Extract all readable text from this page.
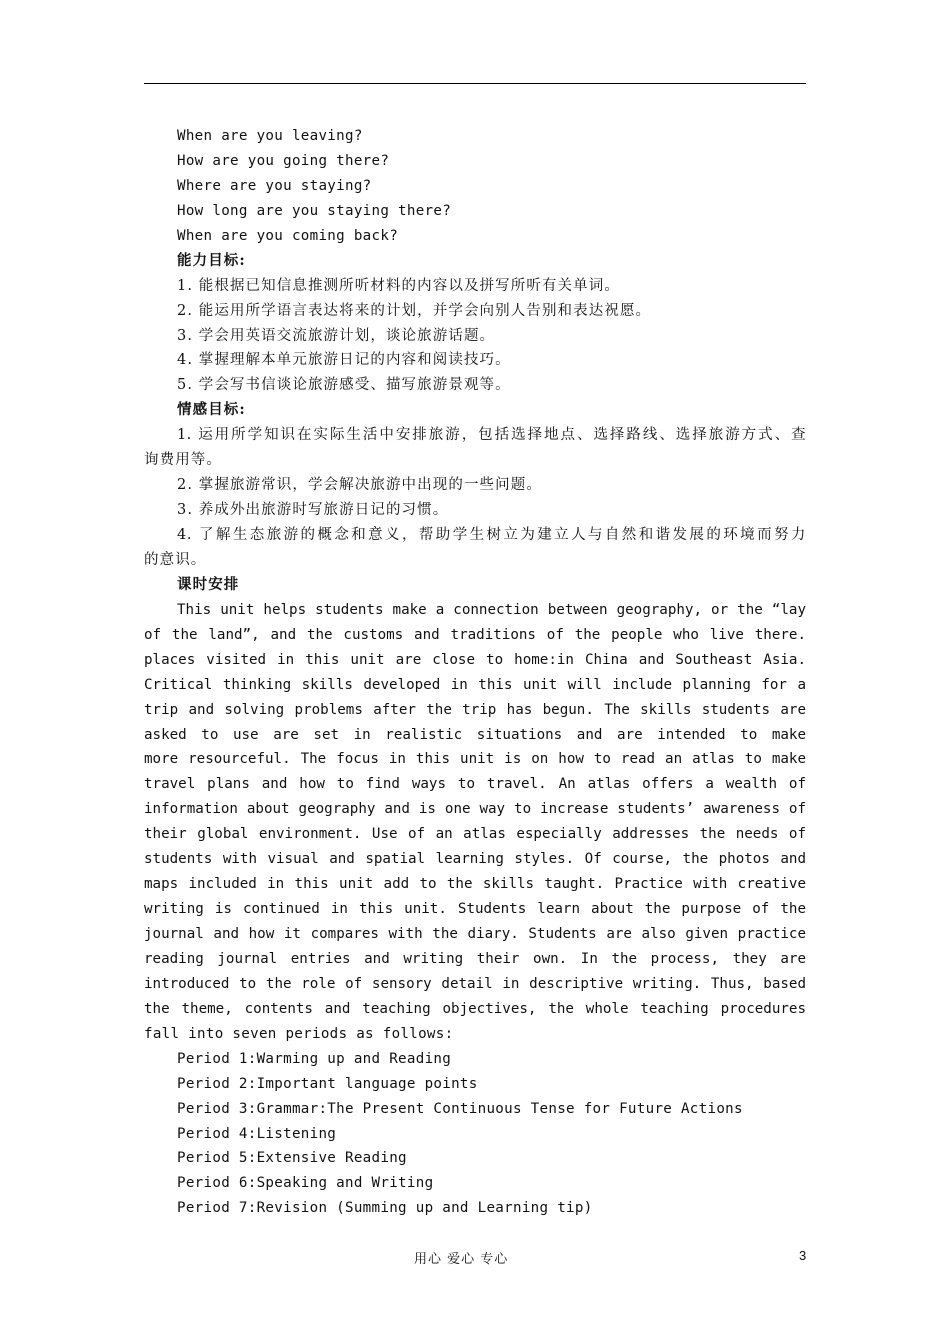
When are you leaving?
How are you going there?
Where are you staying?
How long are you staying there?
When are you coming back?
能力目标:
1. 能根据已知信息推测所听材料的内容以及拼写所听有关单词。
2. 能运用所学语言表达将来的计划，并学会向别人告别和表达祝愿。
3. 学会用英语交流旅游计划，谈论旅游话题。
4. 掌握理解本单元旅游日记的内容和阅读技巧。
5. 学会写书信谈论旅游感受、描写旅游景观等。
情感目标:
1. 运用所学知识在实际生活中安排旅游，包括选择地点、选择路线、选择旅游方式、查
询费用等。
2. 掌握旅游常识，学会解决旅游中出现的一些问题。
3. 养成外出旅游时写旅游日记的习惯。
4. 了解生态旅游的概念和意义，帮助学生树立为建立人与自然和谐发展的环境而努力
的意识。
课时安排
This unit helps students make a connection between geography, or the “lay
of the land”, and the customs and traditions of the people who live there.
places visited in this unit are close to home:in China and Southeast Asia.
Critical thinking skills developed in this unit will include planning for a
trip and solving problems after the trip has begun. The skills students are
asked to use are set in realistic situations and are intended to make
more resourceful. The focus in this unit is on how to read an atlas to make
travel plans and how to find ways to travel. An atlas offers a wealth of
information about geography and is one way to increase students’ awareness of
their global environment. Use of an atlas especially addresses the needs of
students with visual and spatial learning styles. Of course, the photos and
maps included in this unit add to the skills taught. Practice with creative
writing is continued in this unit. Students learn about the purpose of the
journal and how it compares with the diary. Students are also given practice
reading journal entries and writing their own. In the process, they are
introduced to the role of sensory detail in descriptive writing. Thus, based
the theme, contents and teaching objectives, the whole teaching procedures
fall into seven periods as follows:
Period 1:Warming up and Reading
Period 2:Important language points
Period 3:Grammar:The Present Continuous Tense for Future Actions
Period 4:Listening
Period 5:Extensive Reading
Period 6:Speaking and Writing
Period 7:Revision (Summing up and Learning tip)
用心 爱心 专心	3
